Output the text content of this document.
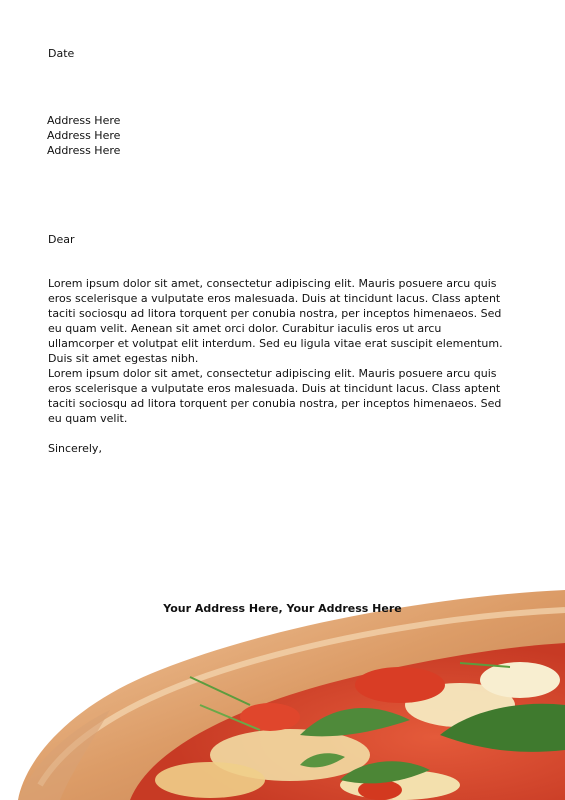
Date
Address Here
Address Here
Address Here
Dear
Lorem ipsum dolor sit amet, consectetur adipiscing elit. Mauris posuere arcu quis eros scelerisque a vulputate eros malesuada. Duis at tincidunt lacus. Class aptent taciti sociosqu ad litora torquent per conubia nostra, per inceptos himenaeos. Sed eu quam velit. Aenean sit amet orci dolor. Curabitur iaculis eros ut arcu ullamcorper et volutpat elit interdum. Sed eu ligula vitae erat suscipit elementum. Duis sit amet egestas nibh.
Lorem ipsum dolor sit amet, consectetur adipiscing elit. Mauris posuere arcu quis eros scelerisque a vulputate eros malesuada. Duis at tincidunt lacus. Class aptent taciti sociosqu ad litora torquent per conubia nostra, per inceptos himenaeos. Sed eu quam velit.
Sincerely,
Your Address Here, Your Address Here
